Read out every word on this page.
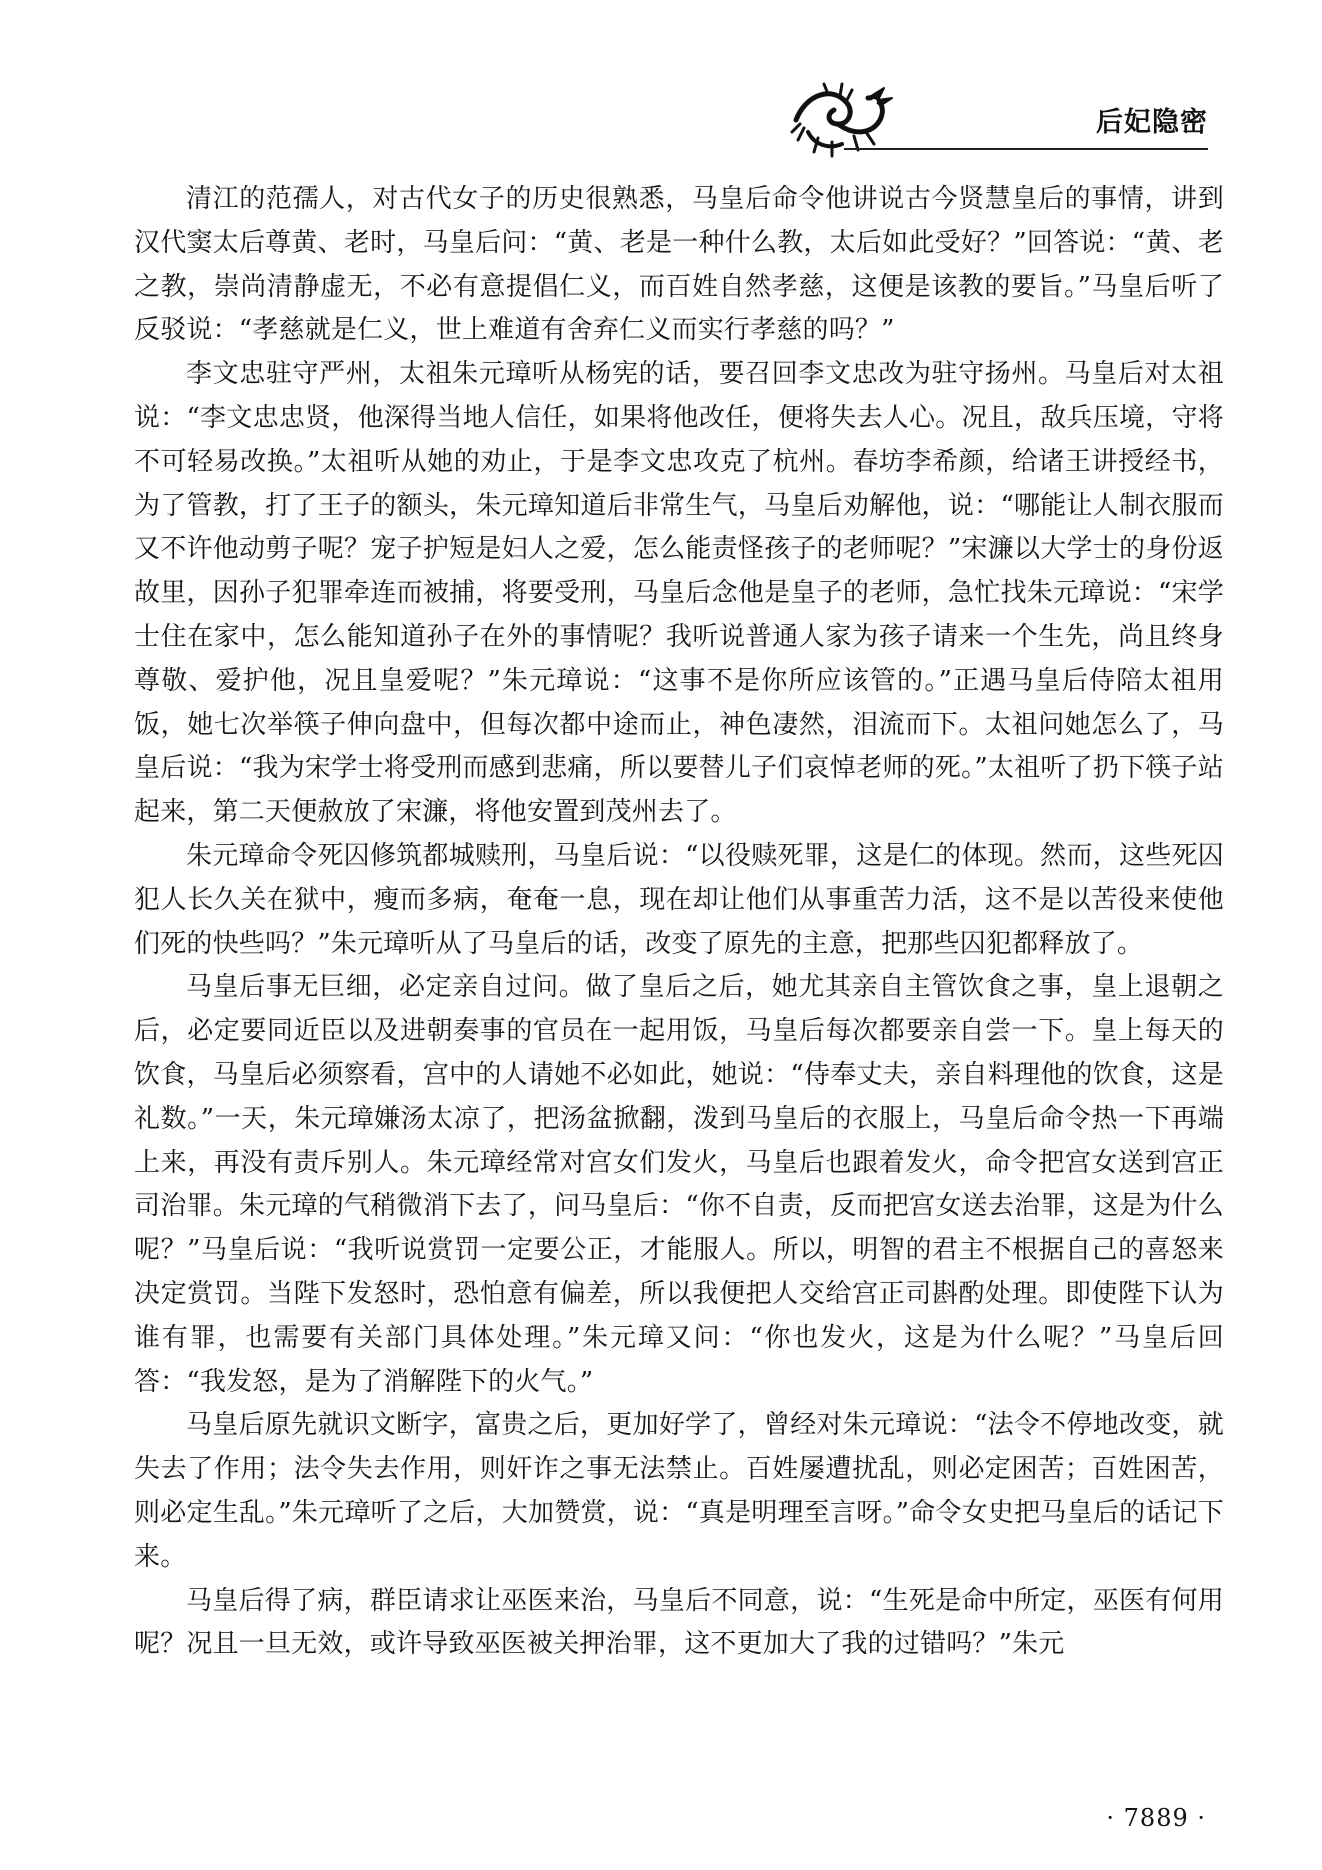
后妃隐密

清江的范孺人，对古代女子的历史很熟悉，马皇后命令他讲说古今贤慧皇后的事情，讲到汉代窦太后尊黄、老时，马皇后问：“黄、老是一种什么教，太后如此受好？”回答说：“黄、老之教，崇尚清静虚无，不必有意提倡仁义，而百姓自然孝慈，这便是该教的要旨。”马皇后听了反驳说：“孝慈就是仁义，世上难道有舍弃仁义而实行孝慈的吗？”

李文忠驻守严州，太祖朱元璋听从杨宪的话，要召回李文忠改为驻守扬州。马皇后对太祖说：“李文忠忠贤，他深得当地人信任，如果将他改任，便将失去人心。况且，敌兵压境，守将不可轻易改换。”太祖听从她的劝止，于是李文忠攻克了杭州。春坊李希颜，给诸王讲授经书，为了管教，打了王子的额头，朱元璋知道后非常生气，马皇后劝解他，说：“哪能让人制衣服而又不许他动剪子呢？宠子护短是妇人之爱，怎么能责怪孩子的老师呢？”宋濂以大学士的身份返故里，因孙子犯罪牵连而被捕，将要受刑，马皇后念他是皇子的老师，急忙找朱元璋说：“宋学士住在家中，怎么能知道孙子在外的事情呢？我听说普通人家为孩子请来一个生先，尚且终身尊敬、爱护他，况且皇爱呢？”朱元璋说：“这事不是你所应该管的。”正遇马皇后侍陪太祖用饭，她七次举筷子伸向盘中，但每次都中途而止，神色凄然，泪流而下。太祖问她怎么了，马皇后说：“我为宋学士将受刑而感到悲痛，所以要替儿子们哀悼老师的死。”太祖听了扔下筷子站起来，第二天便赦放了宋濂，将他安置到茂州去了。

朱元璋命令死囚修筑都城赎刑，马皇后说：“以役赎死罪，这是仁的体现。然而，这些死囚犯人长久关在狱中，瘦而多病，奄奄一息，现在却让他们从事重苦力活，这不是以苦役来使他们死的快些吗？”朱元璋听从了马皇后的话，改变了原先的主意，把那些囚犯都释放了。

马皇后事无巨细，必定亲自过问。做了皇后之后，她尤其亲自主管饮食之事，皇上退朝之后，必定要同近臣以及进朝奏事的官员在一起用饭，马皇后每次都要亲自尝一下。皇上每天的饮食，马皇后必须察看，宫中的人请她不必如此，她说：“侍奉丈夫，亲自料理他的饮食，这是礼数。”一天，朱元璋嫌汤太凉了，把汤盆掀翻，泼到马皇后的衣服上，马皇后命令热一下再端上来，再没有责斥别人。朱元璋经常对宫女们发火，马皇后也跟着发火，命令把宫女送到宫正司治罪。朱元璋的气稍微消下去了，问马皇后：“你不自责，反而把宫女送去治罪，这是为什么呢？”马皇后说：“我听说赏罚一定要公正，才能服人。所以，明智的君主不根据自己的喜怒来决定赏罚。当陛下发怒时，恐怕意有偏差，所以我便把人交给宫正司斟酌处理。即使陛下认为谁有罪，也需要有关部门具体处理。”朱元璋又问：“你也发火，这是为什么呢？”马皇后回答：“我发怒，是为了消解陛下的火气。”

马皇后原先就识文断字，富贵之后，更加好学了，曾经对朱元璋说：“法令不停地改变，就失去了作用；法令失去作用，则奸诈之事无法禁止。百姓屡遭扰乱，则必定困苦；百姓困苦，则必定生乱。”朱元璋听了之后，大加赞赏，说：“真是明理至言呀。”命令女史把马皇后的话记下来。

马皇后得了病，群臣请求让巫医来治，马皇后不同意，说：“生死是命中所定，巫医有何用呢？况且一旦无效，或许导致巫医被关押治罪，这不更加大了我的过错吗？”朱元

· 7889 ·
